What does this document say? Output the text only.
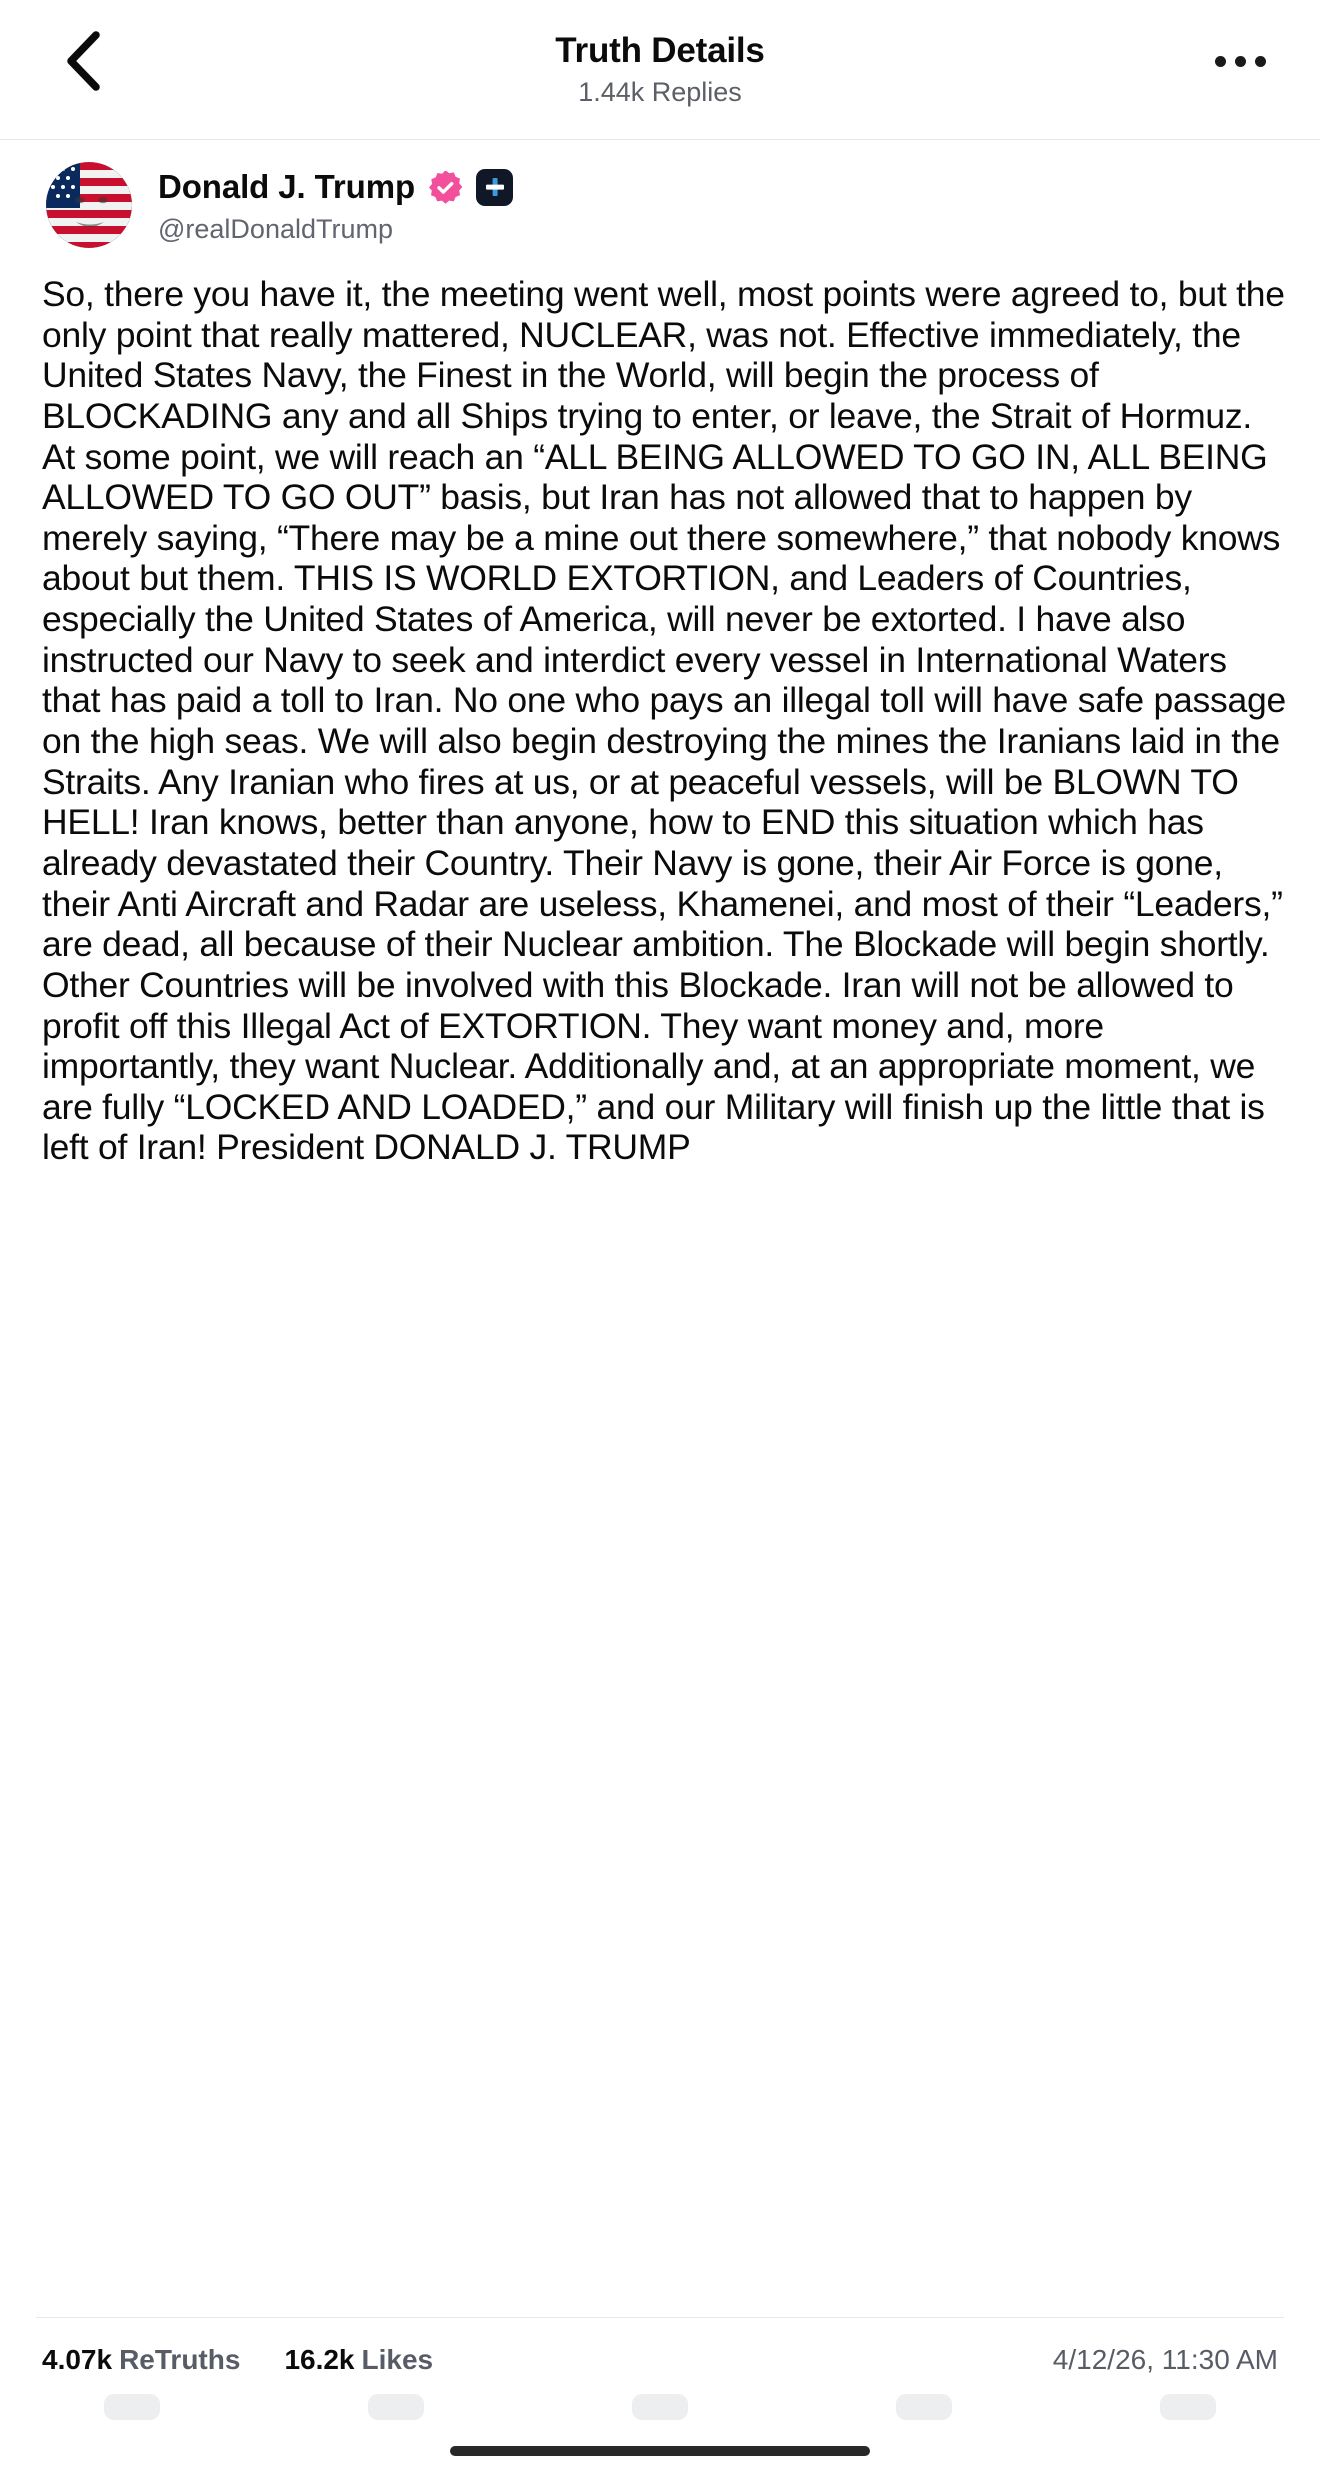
Truth Details
1.44k Replies
Donald J. Trump
@realDonaldTrump
So, there you have it, the meeting went well, most points were agreed to, but the only point that really mattered, NUCLEAR, was not. Effective immediately, the United States Navy, the Finest in the World, will begin the process of BLOCKADING any and all Ships trying to enter, or leave, the Strait of Hormuz. At some point, we will reach an “ALL BEING ALLOWED TO GO IN, ALL BEING ALLOWED TO GO OUT” basis, but Iran has not allowed that to happen by merely saying, “There may be a mine out there somewhere,” that nobody knows about but them. THIS IS WORLD EXTORTION, and Leaders of Countries, especially the United States of America, will never be extorted. I have also instructed our Navy to seek and interdict every vessel in International Waters that has paid a toll to Iran. No one who pays an illegal toll will have safe passage on the high seas. We will also begin destroying the mines the Iranians laid in the Straits. Any Iranian who fires at us, or at peaceful vessels, will be BLOWN TO HELL! Iran knows, better than anyone, how to END this situation which has already devastated their Country. Their Navy is gone, their Air Force is gone, their Anti Aircraft and Radar are useless, Khamenei, and most of their “Leaders,” are dead, all because of their Nuclear ambition. The Blockade will begin shortly. Other Countries will be involved with this Blockade. Iran will not be allowed to profit off this Illegal Act of EXTORTION. They want money and, more importantly, they want Nuclear. Additionally and, at an appropriate moment, we are fully “LOCKED AND LOADED,” and our Military will finish up the little that is left of Iran! President DONALD J. TRUMP
4.07k ReTruths 16.2k Likes	4/12/26, 11:30 AM
